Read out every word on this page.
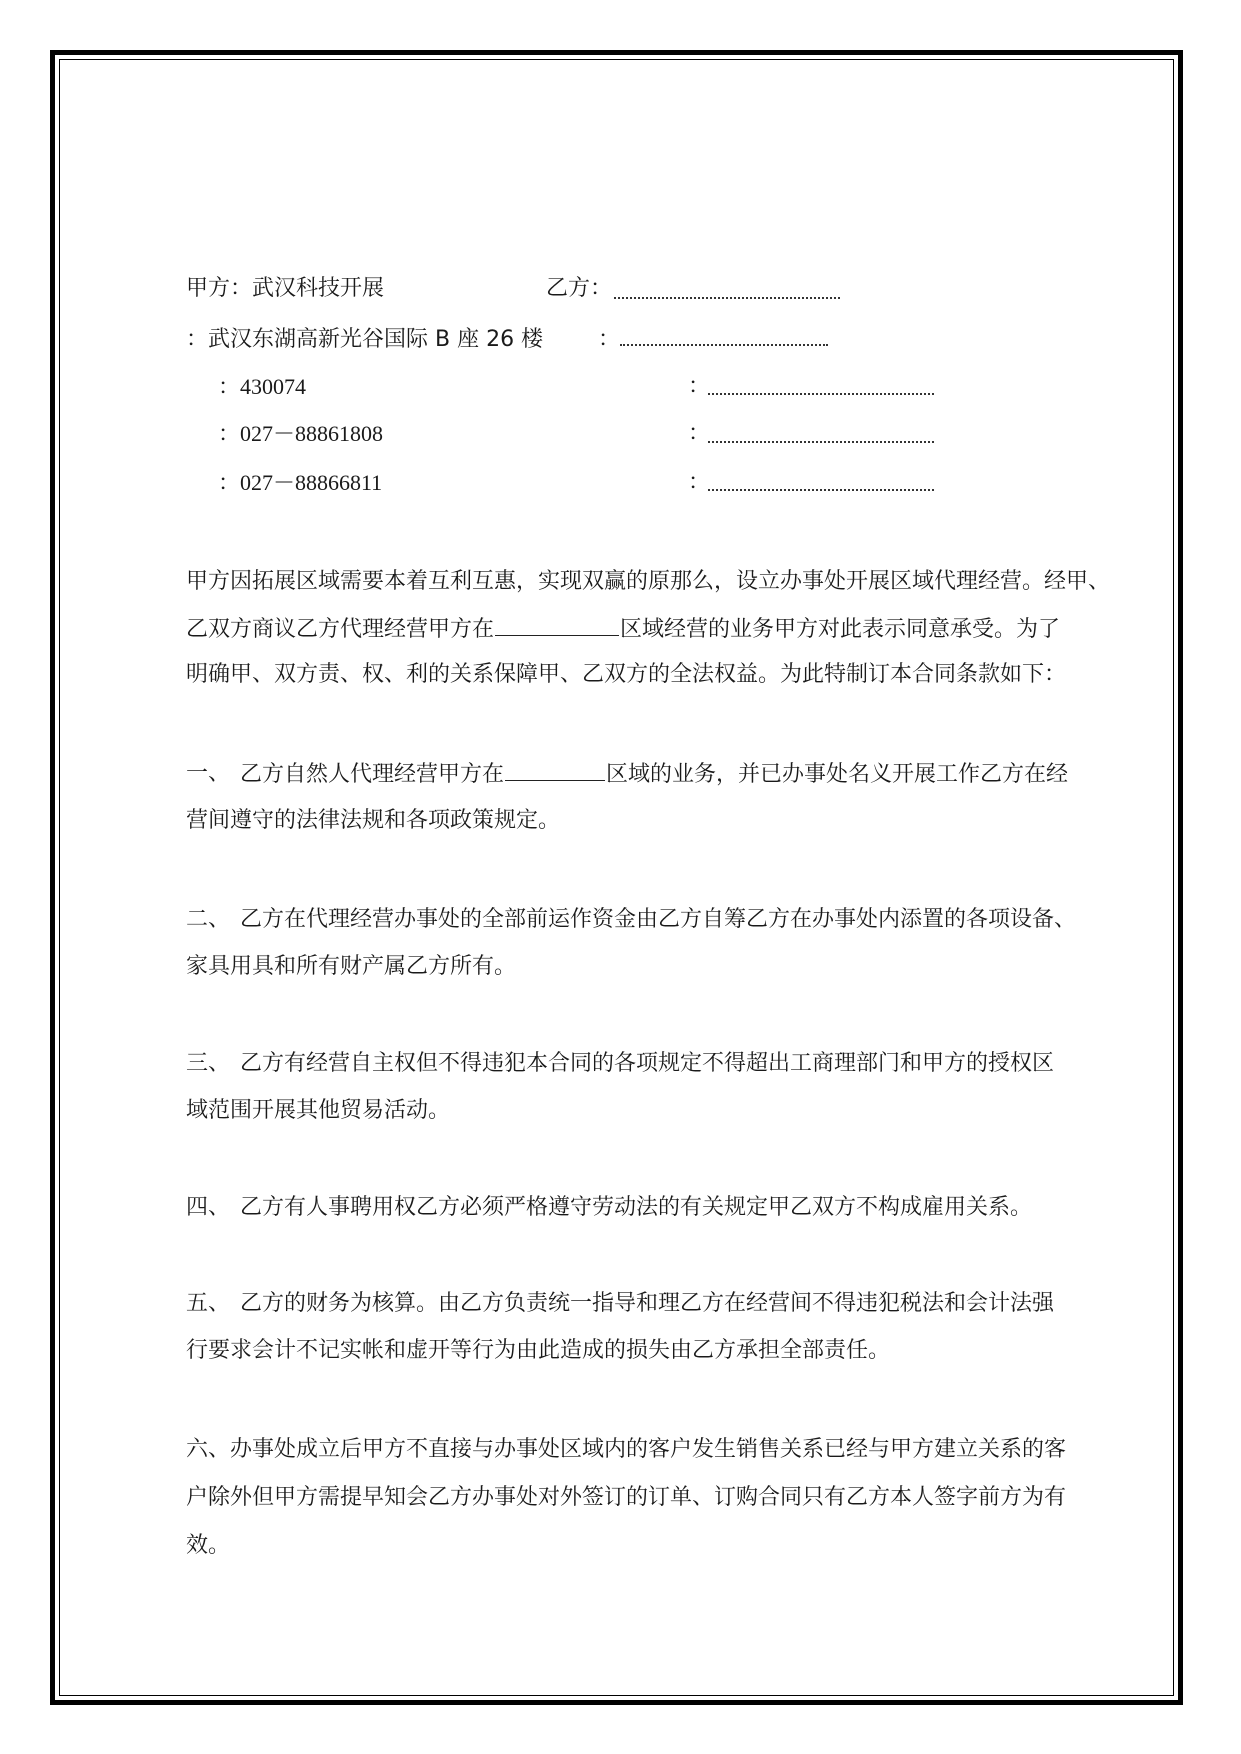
甲方： 武汉科技开展	乙方：
：武汉东湖高新光谷国际 B 座 26 楼 ：
：430074	：
：027－88861808	：
：027－88866811	：
甲方因拓展区域需要本着互利互惠，实现双赢的原那么，设立办事处开展区域代理经营。经甲、
乙双方商议乙方代理经营甲方在	区域经营的业务甲方对此表示同意承受。为了
明确甲、双方责、权、利的关系保障甲、乙双方的全法权益。为此特制订本合同条款如下：
一、 乙方自然人代理经营甲方在	区域的业务，并已办事处名义开展工作乙方在经
营间遵守的法律法规和各项政策规定。
二、 乙方在代理经营办事处的全部前运作资金由乙方自筹乙方在办事处内添置的各项设备、
家具用具和所有财产属乙方所有。
三、 乙方有经营自主权但不得违犯本合同的各项规定不得超出工商理部门和甲方的授权区
域范围开展其他贸易活动。
四、 乙方有人事聘用权乙方必须严格遵守劳动法的有关规定甲乙双方不构成雇用关系。
五、 乙方的财务为核算。由乙方负责统一指导和理乙方在经营间不得违犯税法和会计法强
行要求会计不记实帐和虚开等行为由此造成的损失由乙方承担全部责任。
六、办事处成立后甲方不直接与办事处区域内的客户发生销售关系已经与甲方建立关系的客
户除外但甲方需提早知会乙方办事处对外签订的订单、订购合同只有乙方本人签字前方为有
效。
